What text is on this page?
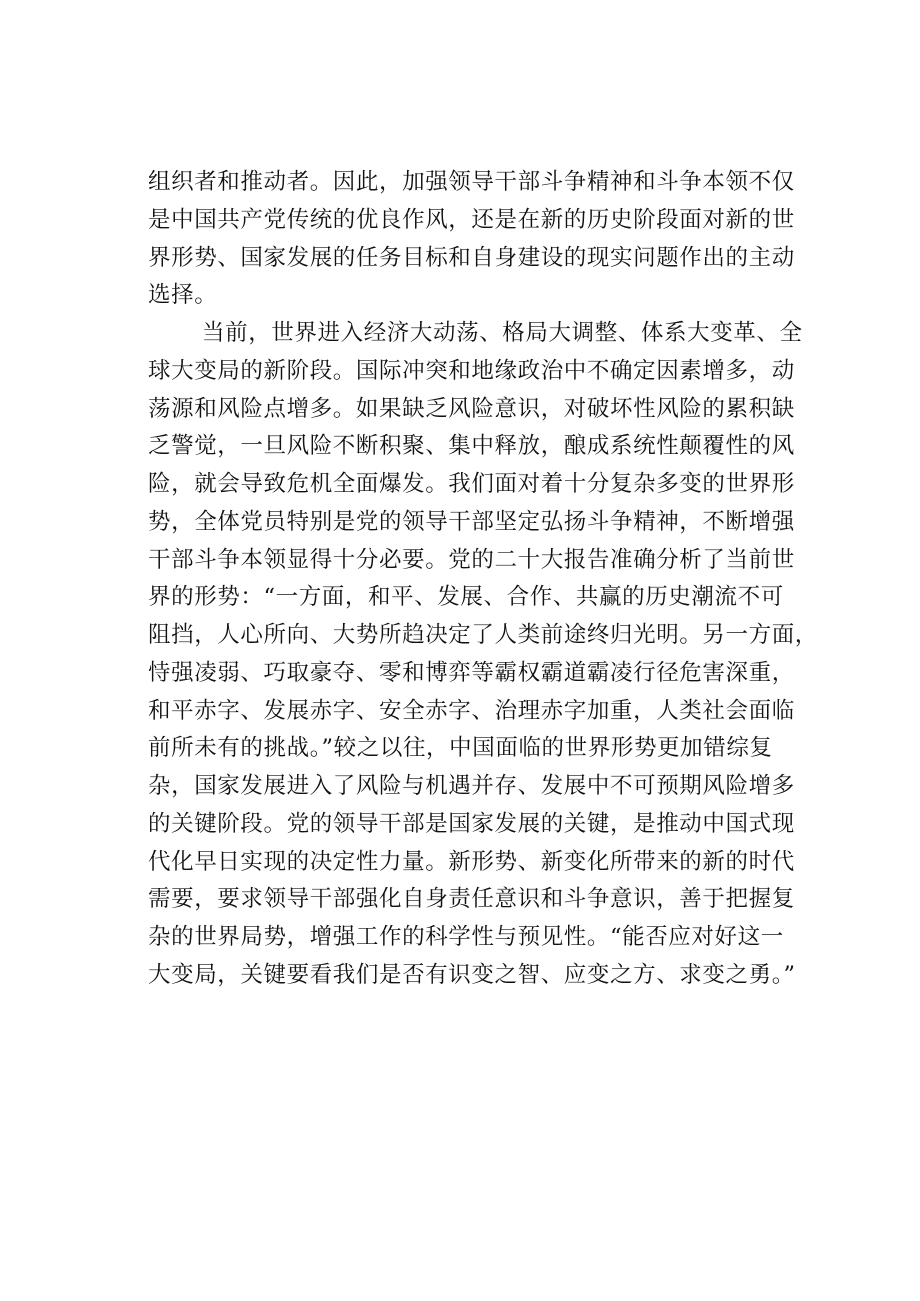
组织者和推动者。因此，加强领导干部斗争精神和斗争本领不仅
是中国共产党传统的优良作风，还是在新的历史阶段面对新的世
界形势、国家发展的任务目标和自身建设的现实问题作出的主动
选择。

当前，世界进入经济大动荡、格局大调整、体系大变革、全
球大变局的新阶段。国际冲突和地缘政治中不确定因素增多，动
荡源和风险点增多。如果缺乏风险意识，对破坏性风险的累积缺
乏警觉，一旦风险不断积聚、集中释放，酿成系统性颠覆性的风
险，就会导致危机全面爆发。我们面对着十分复杂多变的世界形
势，全体党员特别是党的领导干部坚定弘扬斗争精神，不断增强
干部斗争本领显得十分必要。党的二十大报告准确分析了当前世
界的形势：“一方面，和平、发展、合作、共赢的历史潮流不可
阻挡，人心所向、大势所趋决定了人类前途终归光明。另一方面，
恃强凌弱、巧取豪夺、零和博弈等霸权霸道霸凌行径危害深重，
和平赤字、发展赤字、安全赤字、治理赤字加重，人类社会面临
前所未有的挑战。”较之以往，中国面临的世界形势更加错综复
杂，国家发展进入了风险与机遇并存、发展中不可预期风险增多
的关键阶段。党的领导干部是国家发展的关键，是推动中国式现
代化早日实现的决定性力量。新形势、新变化所带来的新的时代
需要，要求领导干部强化自身责任意识和斗争意识，善于把握复
杂的世界局势，增强工作的科学性与预见性。“能否应对好这一
大变局，关键要看我们是否有识变之智、应变之方、求变之勇。”
